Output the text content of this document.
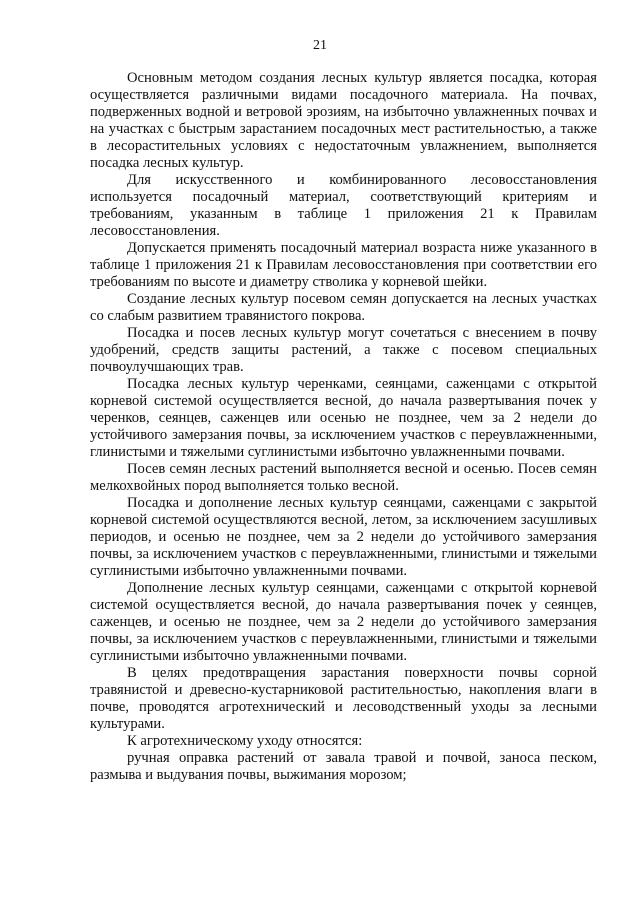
21

Основным методом создания лесных культур является посадка, которая осуществляется различными видами посадочного материала. На почвах, подверженных водной и ветровой эрозиям, на избыточно увлажненных почвах и на участках с быстрым зарастанием посадочных мест растительностью, а также в лесорастительных условиях с недостаточным увлажнением, выполняется посадка лесных культур.

Для искусственного и комбинированного лесовосстановления используется посадочный материал, соответствующий критериям и требованиям, указанным в таблице 1 приложения 21 к Правилам лесовосстановления.

Допускается применять посадочный материал возраста ниже указанного в таблице 1 приложения 21 к Правилам лесовосстановления при соответствии его требованиям по высоте и диаметру стволика у корневой шейки.

Создание лесных культур посевом семян допускается на лесных участках со слабым развитием травянистого покрова.

Посадка и посев лесных культур могут сочетаться с внесением в почву удобрений, средств защиты растений, а также с посевом специальных почвоулучшающих трав.

Посадка лесных культур черенками, сеянцами, саженцами с открытой корневой системой осуществляется весной, до начала развертывания почек у черенков, сеянцев, саженцев или осенью не позднее, чем за 2 недели до устойчивого замерзания почвы, за исключением участков с переувлажненными, глинистыми и тяжелыми суглинистыми избыточно увлажненными почвами.

Посев семян лесных растений выполняется весной и осенью. Посев семян мелкохвойных пород выполняется только весной.

Посадка и дополнение лесных культур сеянцами, саженцами с закрытой корневой системой осуществляются весной, летом, за исключением засушливых периодов, и осенью не позднее, чем за 2 недели до устойчивого замерзания почвы, за исключением участков с переувлажненными, глинистыми и тяжелыми суглинистыми избыточно увлажненными почвами.

Дополнение лесных культур сеянцами, саженцами с открытой корневой системой осуществляется весной, до начала развертывания почек у сеянцев, саженцев, и осенью не позднее, чем за 2 недели до устойчивого замерзания почвы, за исключением участков с переувлажненными, глинистыми и тяжелыми суглинистыми избыточно увлажненными почвами.

В целях предотвращения зарастания поверхности почвы сорной травянистой и древесно-кустарниковой растительностью, накопления влаги в почве, проводятся агротехнический и лесоводственный уходы за лесными культурами.

К агротехническому уходу относятся:

ручная оправка растений от завала травой и почвой, заноса песком, размыва и выдувания почвы, выжимания морозом;
